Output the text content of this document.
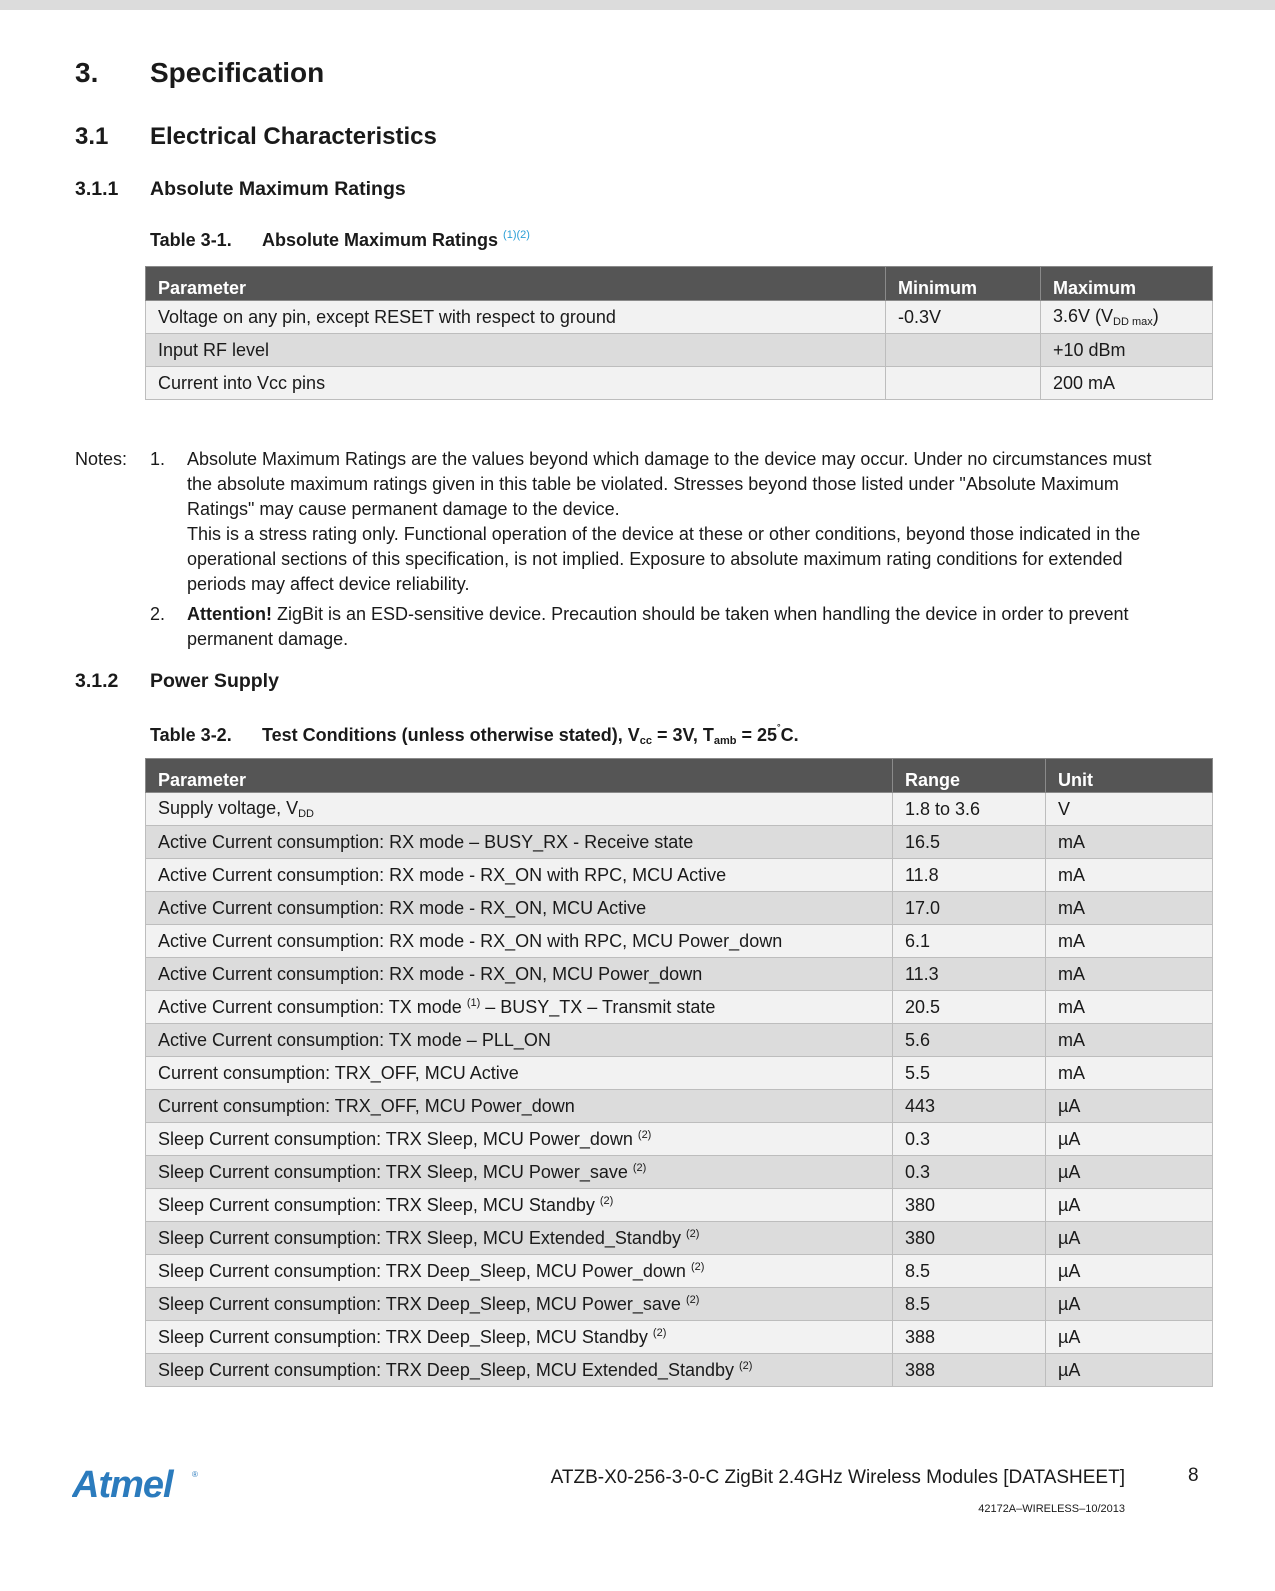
3. Specification
3.1 Electrical Characteristics
3.1.1 Absolute Maximum Ratings
Table 3-1. Absolute Maximum Ratings $^{(1)(2)}$
Parameter	Minimum	Maximum
Voltage on any pin, except RESET with respect to ground	-0.3V	3.6V $(V_{DD max})$
Input RF level		+10 dBm
Current into Vcc pins		200 mA
Notes: 1. Absolute Maximum Ratings are the values beyond which damage to the device may occur. Under no circumstances must the absolute maximum ratings given in this table be violated. Stresses beyond those listed under "Absolute Maximum Ratings" may cause permanent damage to the device.

This is a stress rating only. Functional operation of the device at these or other conditions, beyond those indicated in the operational sections of this specification, is not implied. Exposure to absolute maximum rating conditions for extended periods may affect device reliability.

2. Attention! ZigBit is an ESD-sensitive device. Precaution should be taken when handling the device in order to prevent permanent damage.

3.1.2 Power Supply
Table 3-2. Test Conditions (unless otherwise stated), $V_{cc} = 3V$, $T_{amb} = 25^\circ C$.
Parameter	Range	Unit
Supply voltage, $V_{DD}$	1.8 to 3.6	V
Active Current consumption: RX mode – BUSY_RX - Receive state	16.5	mA
Active Current consumption: RX mode - RX_ON with RPC, MCU Active	11.8	mA
Active Current consumption: RX mode - RX_ON, MCU Active	17.0	mA
Active Current consumption: RX mode - RX_ON with RPC, MCU Power_down	6.1	mA
Active Current consumption: RX mode - RX_ON, MCU Power_down	11.3	mA
Active Current consumption: TX mode $^{(1)}$ – BUSY_TX – Transmit state	20.5	mA
Active Current consumption: TX mode – PLL_ON	5.6	mA
Current consumption: TRX_OFF, MCU Active	5.5	mA
Current consumption: TRX_OFF, MCU Power_down	443	µA
Sleep Current consumption: TRX Sleep, MCU Power_down $^{(2)}$	0.3	µA
Sleep Current consumption: TRX Sleep, MCU Power_save $^{(2)}$	0.3	µA
Sleep Current consumption: TRX Sleep, MCU Standby $^{(2)}$	380	µA
Sleep Current consumption: TRX Sleep, MCU Extended_Standby $^{(2)}$	380	µA
Sleep Current consumption: TRX Deep_Sleep, MCU Power_down $^{(2)}$	8.5	µA
Sleep Current consumption: TRX Deep_Sleep, MCU Power_save $^{(2)}$	8.5	µA
Sleep Current consumption: TRX Deep_Sleep, MCU Standby $^{(2)}$	388	µA
Sleep Current consumption: TRX Deep_Sleep, MCU Extended_Standby $^{(2)}$	388	µA
Atmel	®	ATZB-X0-256-3-0-C ZigBit 2.4GHz Wireless Modules [DATASHEET]
42172A–WIRELESS–10/2013
8
